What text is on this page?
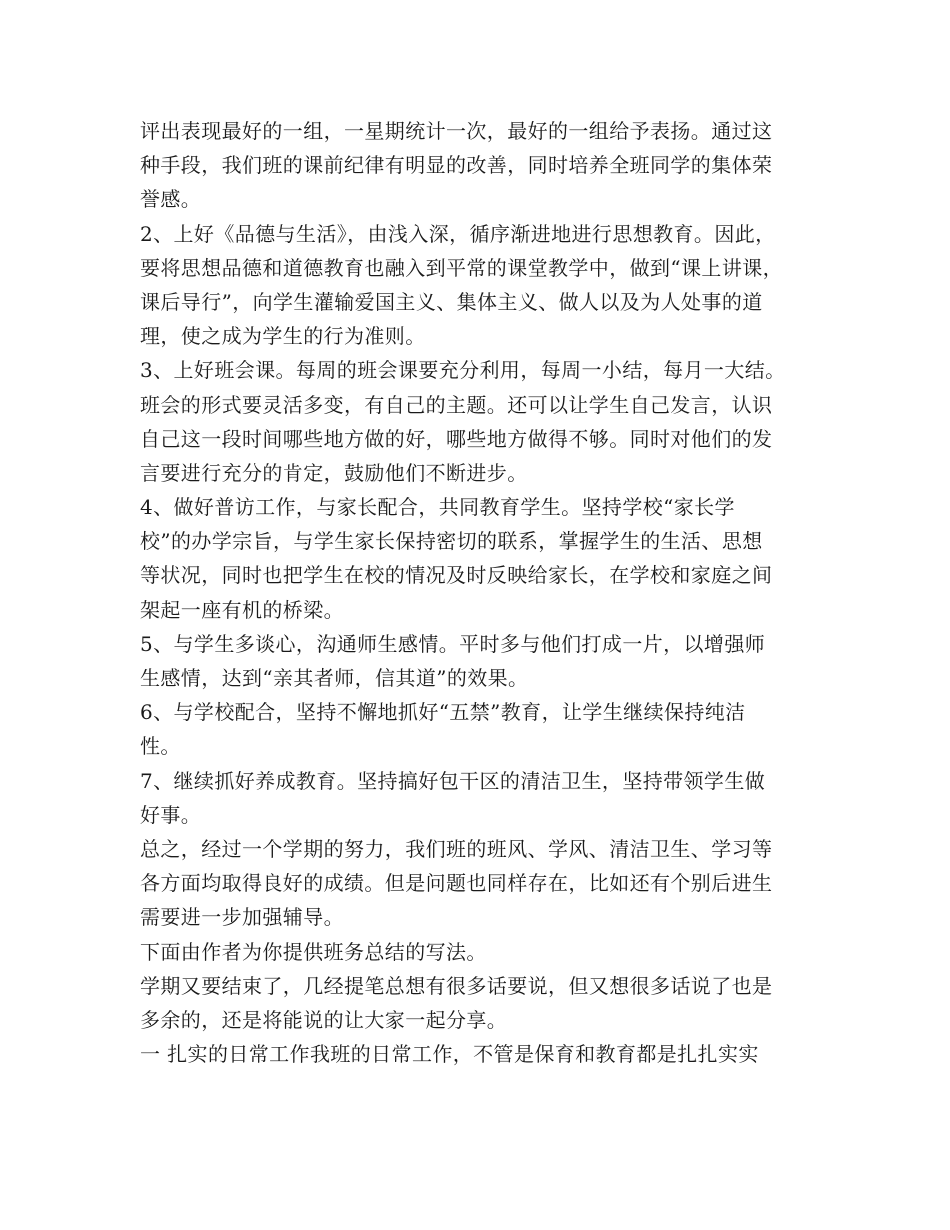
评出表现最好的一组，一星期统计一次，最好的一组给予表扬。通过这
种手段，我们班的课前纪律有明显的改善，同时培养全班同学的集体荣
誉感。
2、上好《品德与生活》，由浅入深，循序渐进地进行思想教育。因此，
要将思想品德和道德教育也融入到平常的课堂教学中，做到“课上讲课，
课后导行”，向学生灌输爱国主义、集体主义、做人以及为人处事的道
理，使之成为学生的行为准则。
3、上好班会课。每周的班会课要充分利用，每周一小结，每月一大结。
班会的形式要灵活多变，有自己的主题。还可以让学生自己发言，认识
自己这一段时间哪些地方做的好，哪些地方做得不够。同时对他们的发
言要进行充分的肯定，鼓励他们不断进步。
4、做好普访工作，与家长配合，共同教育学生。坚持学校“家长学
校”的办学宗旨，与学生家长保持密切的联系，掌握学生的生活、思想
等状况，同时也把学生在校的情况及时反映给家长，在学校和家庭之间
架起一座有机的桥梁。
5、与学生多谈心，沟通师生感情。平时多与他们打成一片，以增强师
生感情，达到“亲其者师，信其道”的效果。
6、与学校配合，坚持不懈地抓好“五禁”教育，让学生继续保持纯洁
性。
7、继续抓好养成教育。坚持搞好包干区的清洁卫生，坚持带领学生做
好事。
总之，经过一个学期的努力，我们班的班风、学风、清洁卫生、学习等
各方面均取得良好的成绩。但是问题也同样存在，比如还有个别后进生
需要进一步加强辅导。
下面由作者为你提供班务总结的写法。
学期又要结束了，几经提笔总想有很多话要说，但又想很多话说了也是
多余的，还是将能说的让大家一起分享。
一 扎实的日常工作我班的日常工作，不管是保育和教育都是扎扎实实
